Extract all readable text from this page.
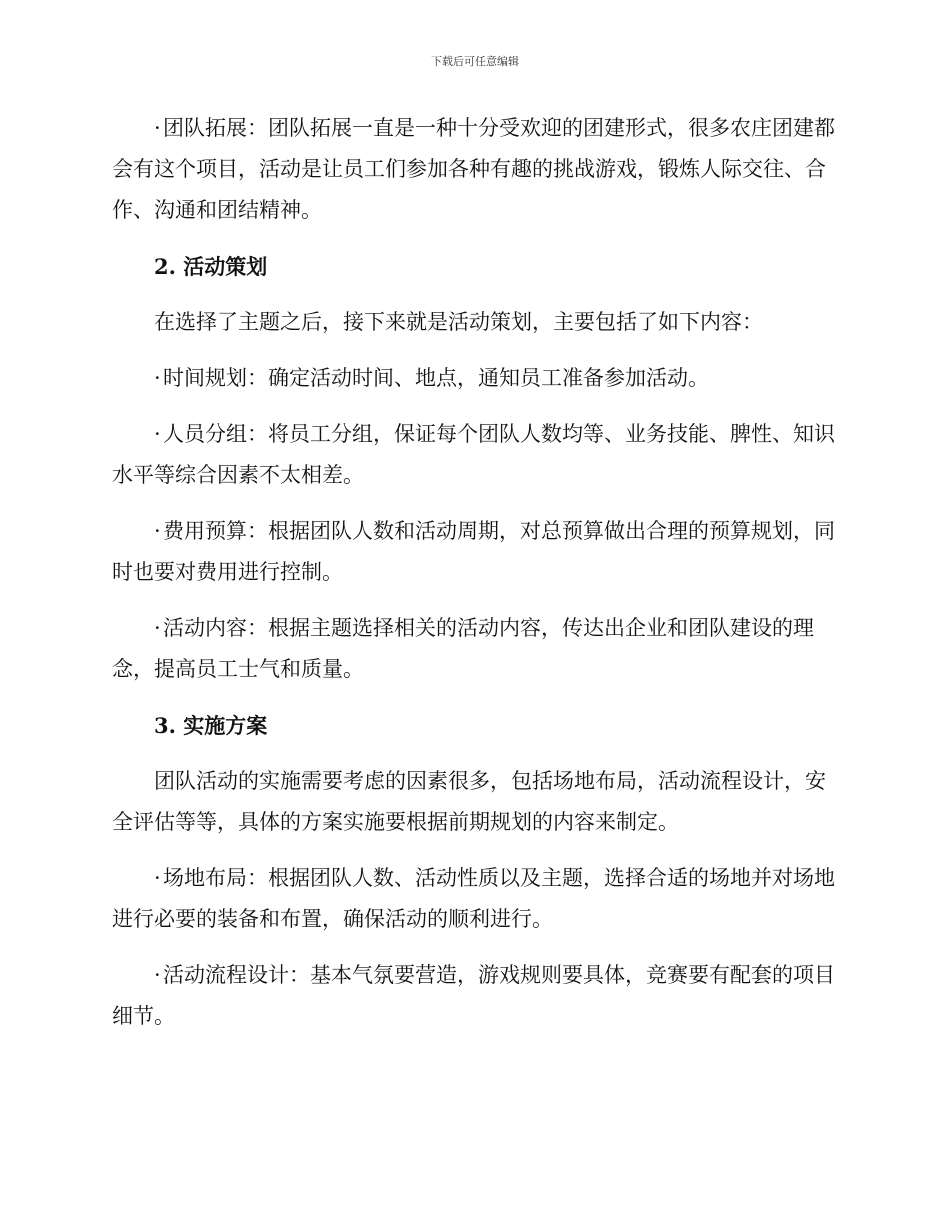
下载后可任意编辑

· 团队拓展：团队拓展一直是一种十分受欢迎的团建形式，很多农庄团建都会有这个项目，活动是让员工们参加各种有趣的挑战游戏，锻炼人际交往、合作、沟通和团结精神。

2. 活动策划

在选择了主题之后，接下来就是活动策划，主要包括了如下内容：

· 时间规划：确定活动时间、地点，通知员工准备参加活动。

· 人员分组：将员工分组，保证每个团队人数均等、业务技能、脾性、知识水平等综合因素不太相差。

· 费用预算：根据团队人数和活动周期，对总预算做出合理的预算规划，同时也要对费用进行控制。

· 活动内容：根据主题选择相关的活动内容，传达出企业和团队建设的理念，提高员工士气和质量。

3. 实施方案

团队活动的实施需要考虑的因素很多，包括场地布局，活动流程设计，安全评估等等，具体的方案实施要根据前期规划的内容来制定。

· 场地布局：根据团队人数、活动性质以及主题，选择合适的场地并对场地进行必要的装备和布置，确保活动的顺利进行。

· 活动流程设计：基本气氛要营造，游戏规则要具体，竞赛要有配套的项目细节。
